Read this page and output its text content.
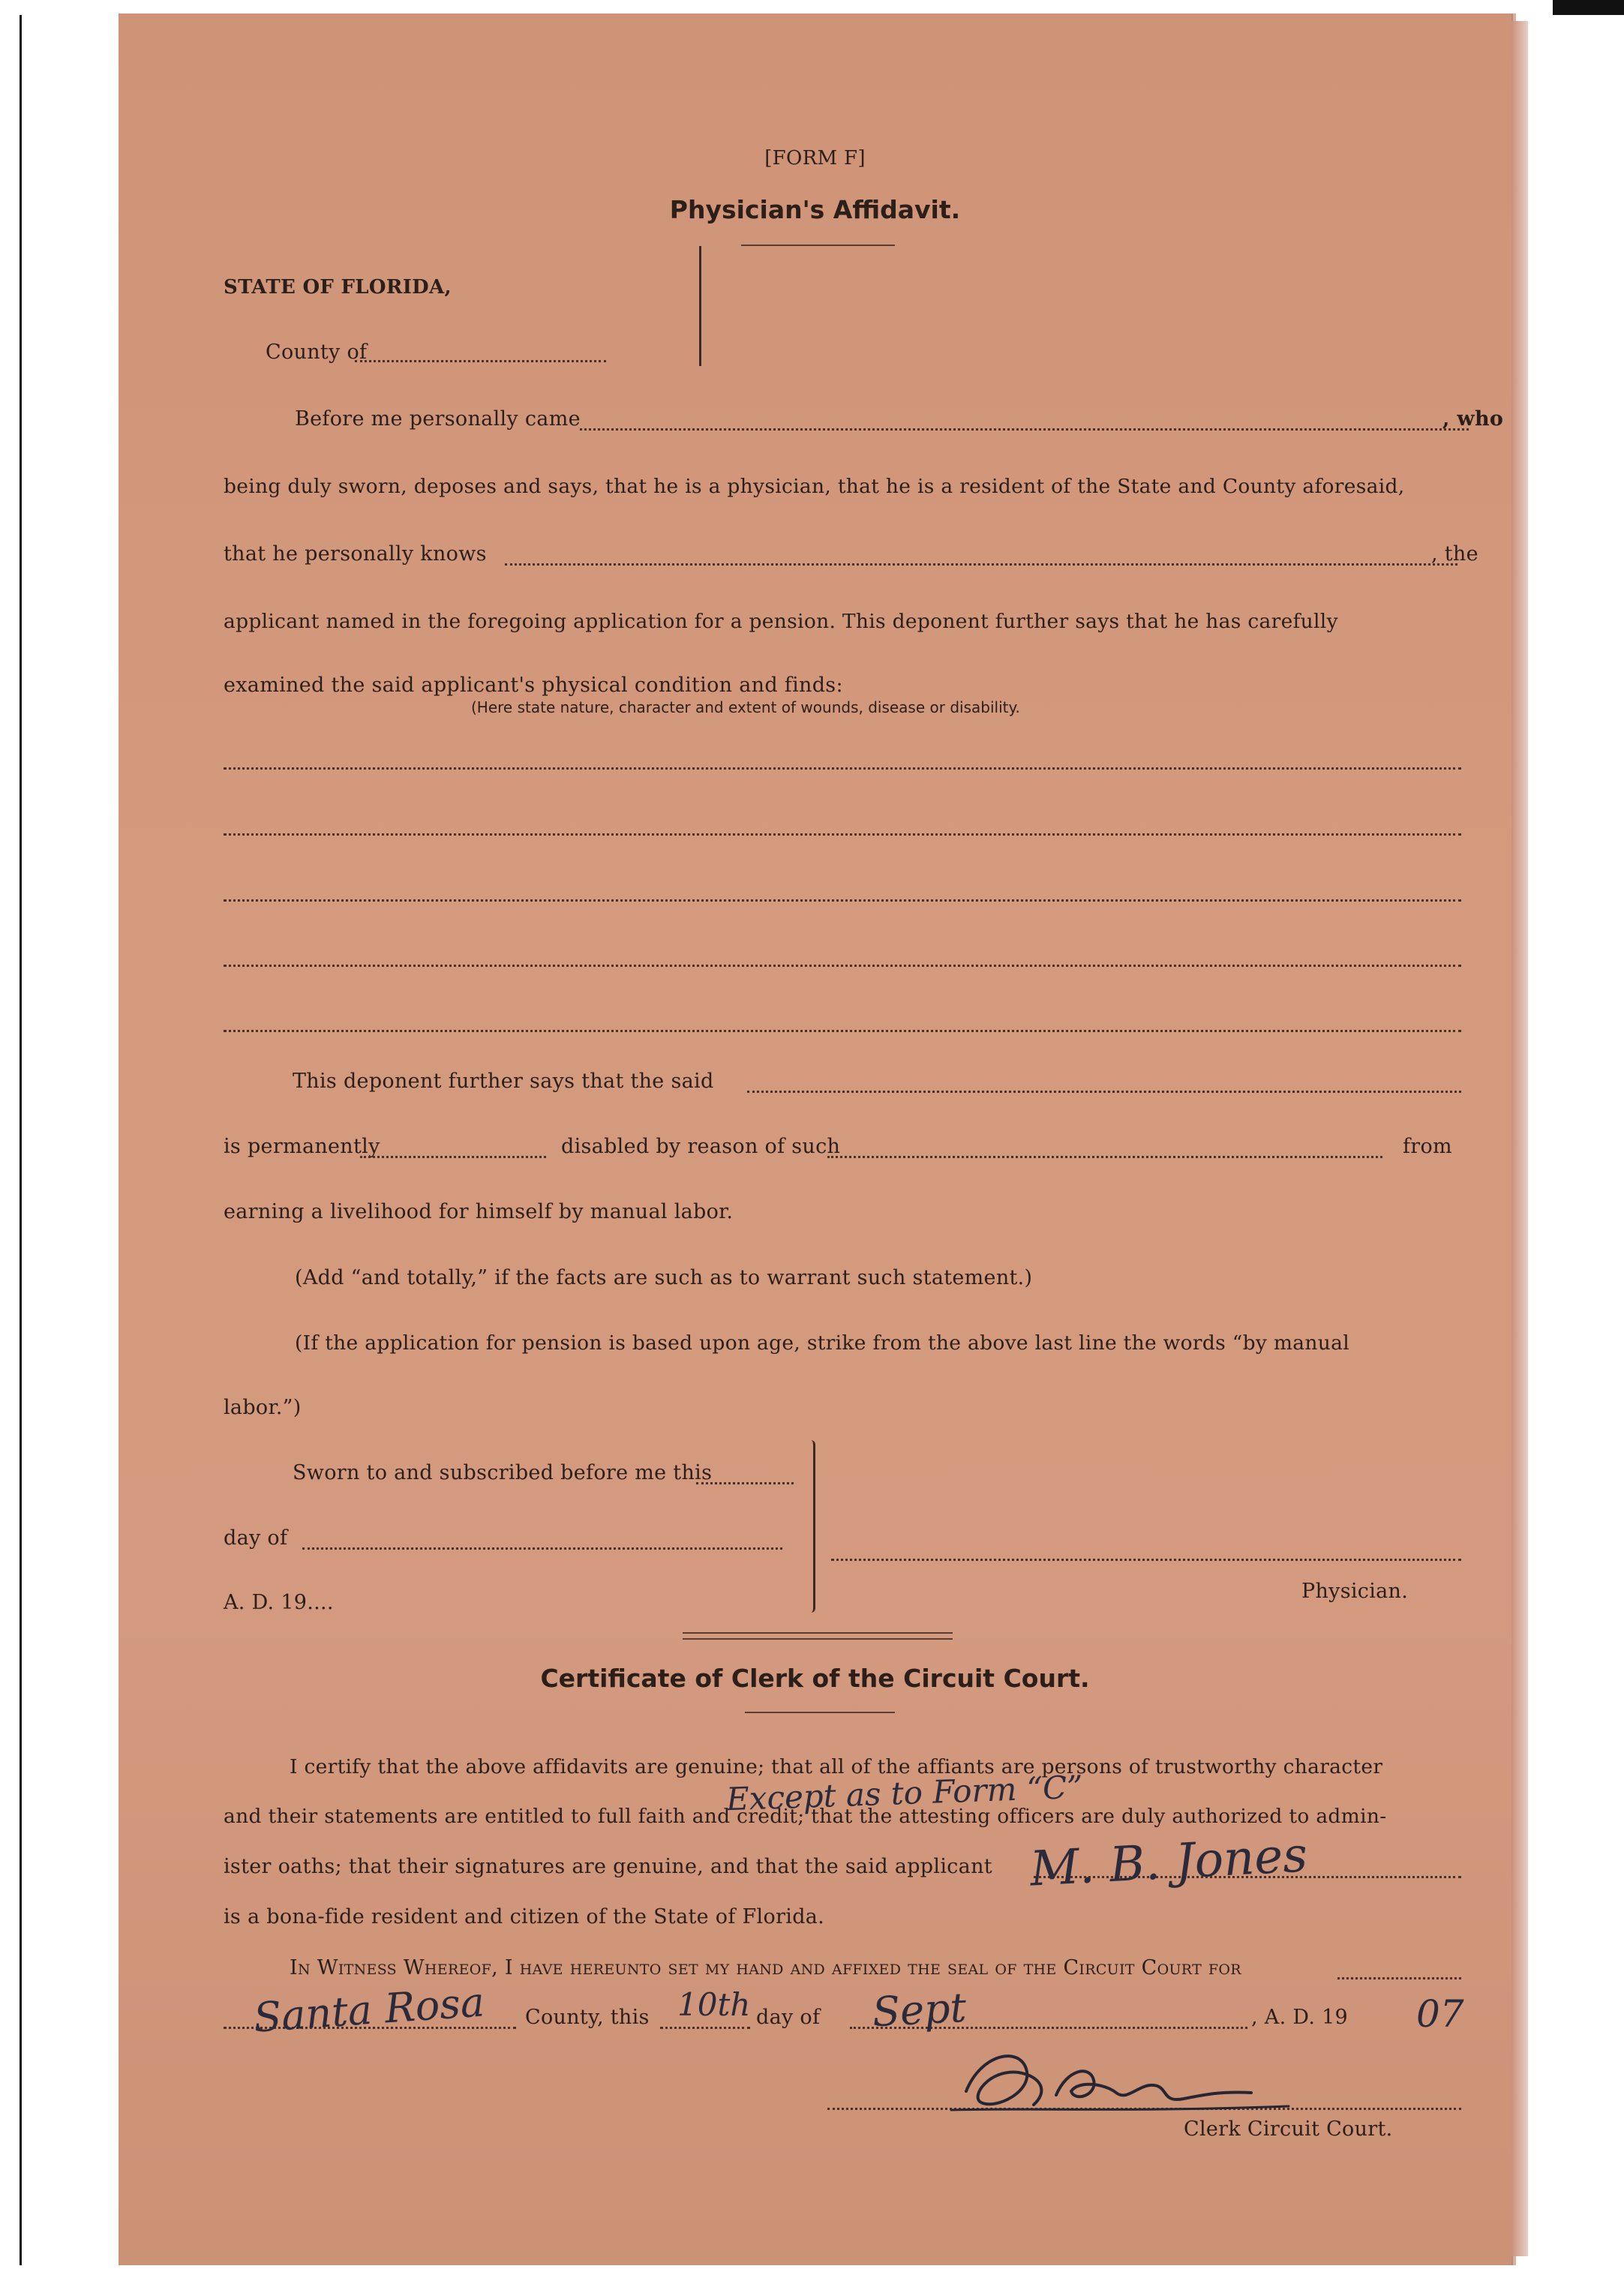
[FORM F]
Physician's Affidavit.
STATE OF FLORIDA,
County of
Before me personally came	, who
being duly sworn, deposes and says, that he is a physician, that he is a resident of the State and County aforesaid,
that he personally knows	, the
applicant named in the foregoing application for a pension. This deponent further says that he has carefully
examined the said applicant's physical condition and finds:
(Here state nature, character and extent of wounds, disease or disability.
This deponent further says that the said
is permanently	disabled by reason of such	from
earning a livelihood for himself by manual labor.
(Add “and totally,” if the facts are such as to warrant such statement.)
(If the application for pension is based upon age, strike from the above last line the words “by manual
labor.”)
Sworn to and subscribed before me this
day of
A. D. 19....	Physician.
Certificate of Clerk of the Circuit Court.
I certify that the above affidavits are genuine; that all of the affiants are persons of trustworthy character
and their statements are entitled to full faith and credit; that the attesting officers are duly authorized to admin-
ister oaths; that their signatures are genuine, and that the said applicant
is a bona-fide resident and citizen of the State of Florida.
In Witness Whereof, I have hereunto set my hand and affixed the seal of the Circuit Court for
County, this	day of	, A. D. 19
Clerk Circuit Court.
Except as to Form “C”
M. B. Jones
Santa Rosa	10th	Sept	07
